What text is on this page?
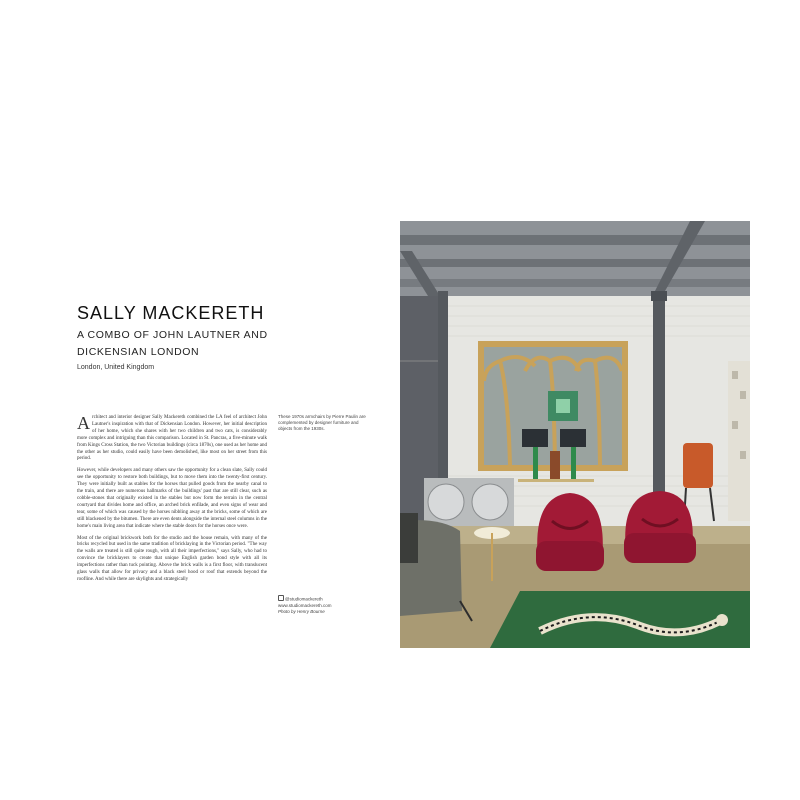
SALLY MACKERETH
A COMBO OF JOHN LAUTNER AND DICKENSIAN LONDON
London, United Kingdom

Architect and interior designer Sally Mackereth combined the LA feel of architect John Lautner's inspiration with that of Dickensian London. However, her initial description of her home, which she shares with her two children and two cats, is considerably more complex and intriguing than this comparison. Located in St. Pancras, a five-minute walk from Kings Cross Station, the two Victorian buildings (circa 1870s), one used as her home and the other as her studio, could easily have been demolished, like most on her street from this period.

However, while developers and many others saw the opportunity for a clean slate, Sally could see the opportunity to restore both buildings, but to move them into the twenty-first century. They were initially built as stables for the horses that pulled goods from the nearby canal to the train, and there are numerous hallmarks of the buildings' past that are still clear, such as cobble-stones that originally existed in the stables but now form the terrain in the central courtyard that divides home and office, an arched brick enfilade, and even signs of wear and tear, some of which was caused by the horses nibbling away at the bricks, some of which are still blackened by the bitumen. There are even dents alongside the internal steel columns in the home's main living area that indicate where the stable doors for the horses once were.

Most of the original brickwork both for the studio and the house remain, with many of the bricks recycled but used in the same tradition of bricklaying in the Victorian period. "The way the walls are treated is still quite rough, with all their imperfections," says Sally, who had to convince the bricklayers to create that unique English garden bond style with all its imperfections rather than tuck pointing. Above the brick walls is a first floor, with translucent glass walls that allow for privacy and a black steel hood or roof that extends beyond the roofline. And while there are skylights and strategically

These 1970s armchairs by Pierre Paulin are complemented by designer furniture and objects from the 1930s.
@studiomackereth
www.studiomackereth.com
Photo by Henry Bourne
